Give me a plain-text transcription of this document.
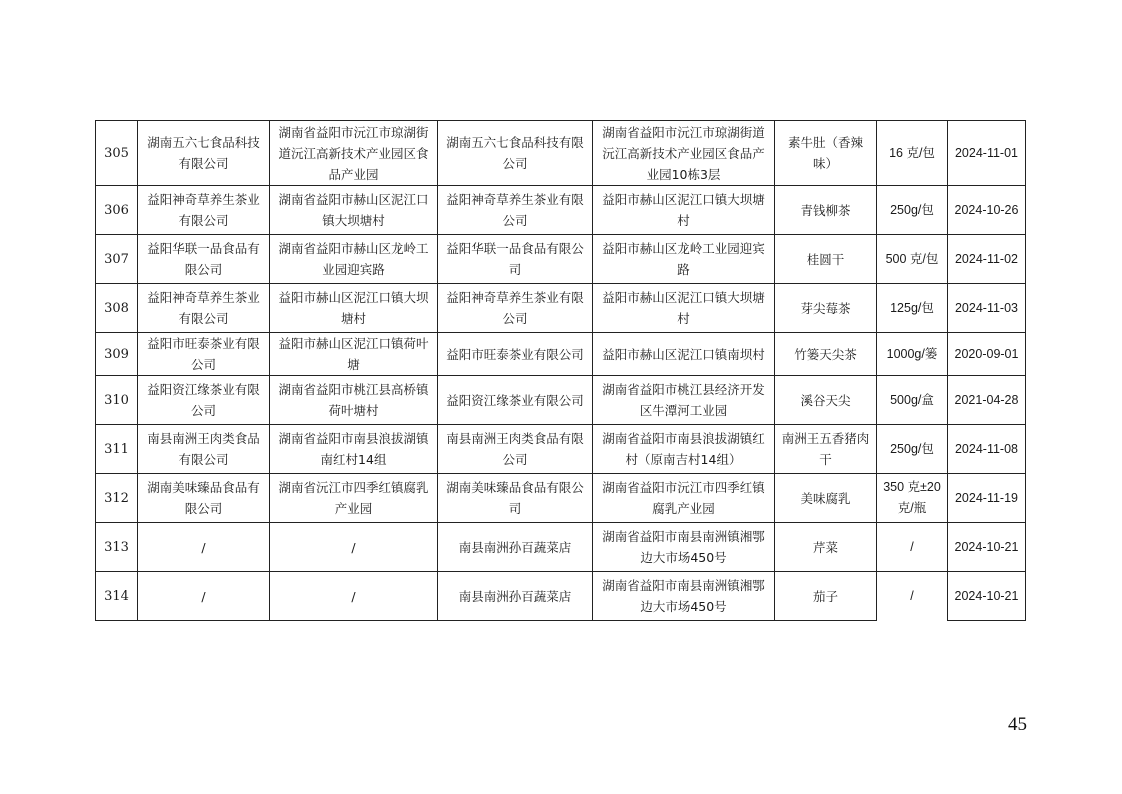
305	湖南五六七食品科技有限公司	湖南省益阳市沅江市琼湖街道沅江高新技术产业园区食品产业园	湖南五六七食品科技有限公司	湖南省益阳市沅江市琼湖街道沅江高新技术产业园区食品产业园10栋3层	素牛肚（香辣味）	16 克/包	2024-11-01
306	益阳神奇草养生茶业有限公司	湖南省益阳市赫山区泥江口镇大坝塘村	益阳神奇草养生茶业有限公司	益阳市赫山区泥江口镇大坝塘村	青钱柳茶	250g/包	2024-10-26
307	益阳华联一品食品有限公司	湖南省益阳市赫山区龙岭工业园迎宾路	益阳华联一品食品有限公司	益阳市赫山区龙岭工业园迎宾路	桂圆干	500 克/包	2024-11-02
308	益阳神奇草养生茶业有限公司	益阳市赫山区泥江口镇大坝塘村	益阳神奇草养生茶业有限公司	益阳市赫山区泥江口镇大坝塘村	芽尖莓茶	125g/包	2024-11-03
309	益阳市旺泰茶业有限公司	益阳市赫山区泥江口镇荷叶塘	益阳市旺泰茶业有限公司	益阳市赫山区泥江口镇南坝村	竹篓天尖茶	1000g/篓	2020-09-01
310	益阳资江缘茶业有限公司	湖南省益阳市桃江县高桥镇荷叶塘村	益阳资江缘茶业有限公司	湖南省益阳市桃江县经济开发区牛潭河工业园	溪谷天尖	500g/盒	2021-04-28
311	南县南洲王肉类食品有限公司	湖南省益阳市南县浪拔湖镇南红村14组	南县南洲王肉类食品有限公司	湖南省益阳市南县浪拔湖镇红村（原南吉村14组）	南洲王五香猪肉干	250g/包	2024-11-08
312	湖南美味臻品食品有限公司	湖南省沅江市四季红镇腐乳产业园	湖南美味臻品食品有限公司	湖南省益阳市沅江市四季红镇腐乳产业园	美味腐乳	350 克±20 克/瓶	2024-11-19
313	/	/	南县南洲孙百蔬菜店	湖南省益阳市南县南洲镇湘鄂边大市场450号	芹菜	/	2024-10-21
314	/	/	南县南洲孙百蔬菜店	湖南省益阳市南县南洲镇湘鄂边大市场450号	茄子	/	2024-10-21
45
